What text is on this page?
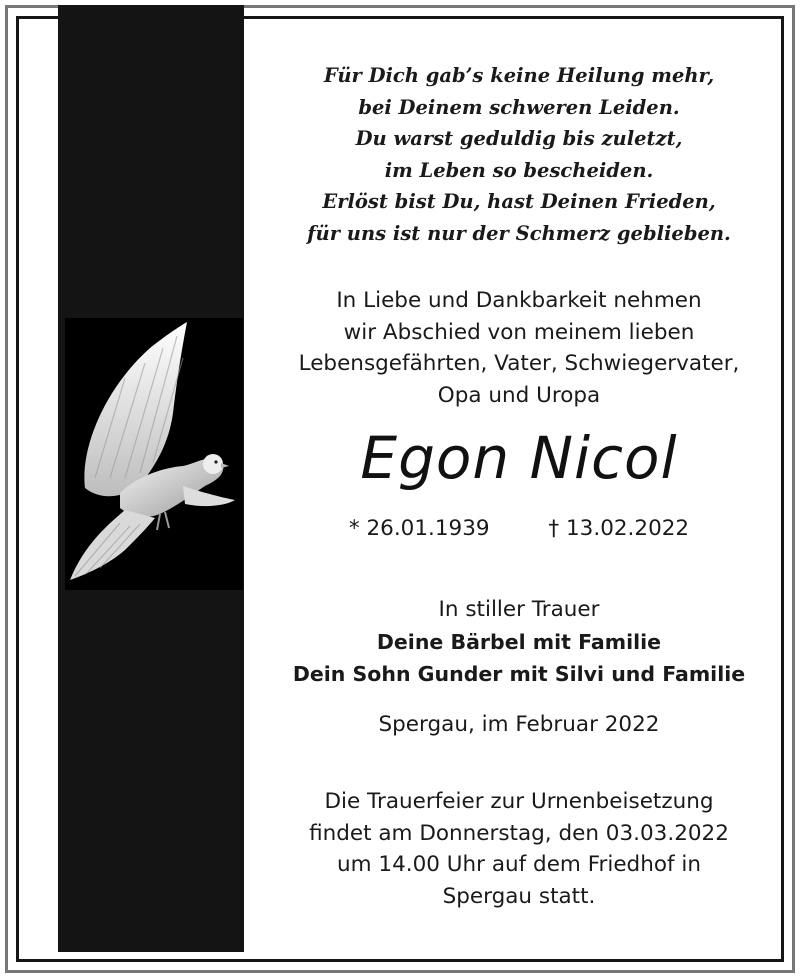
Für Dich gab’s keine Heilung mehr,
bei Deinem schweren Leiden.
Du warst geduldig bis zuletzt,
im Leben so bescheiden.
Erlöst bist Du, hast Deinen Frieden,
für uns ist nur der Schmerz geblieben.
In Liebe und Dankbarkeit nehmen
wir Abschied von meinem lieben
Lebensgefährten, Vater, Schwiegervater,
Opa und Uropa
Egon Nicol
* 26.01.1939	† 13.02.2022
In stiller Trauer
Deine Bärbel mit Familie
Dein Sohn Gunder mit Silvi und Familie
Spergau, im Februar 2022
Die Trauerfeier zur Urnenbeisetzung
findet am Donnerstag, den 03.03.2022
um 14.00 Uhr auf dem Friedhof in
Spergau statt.
